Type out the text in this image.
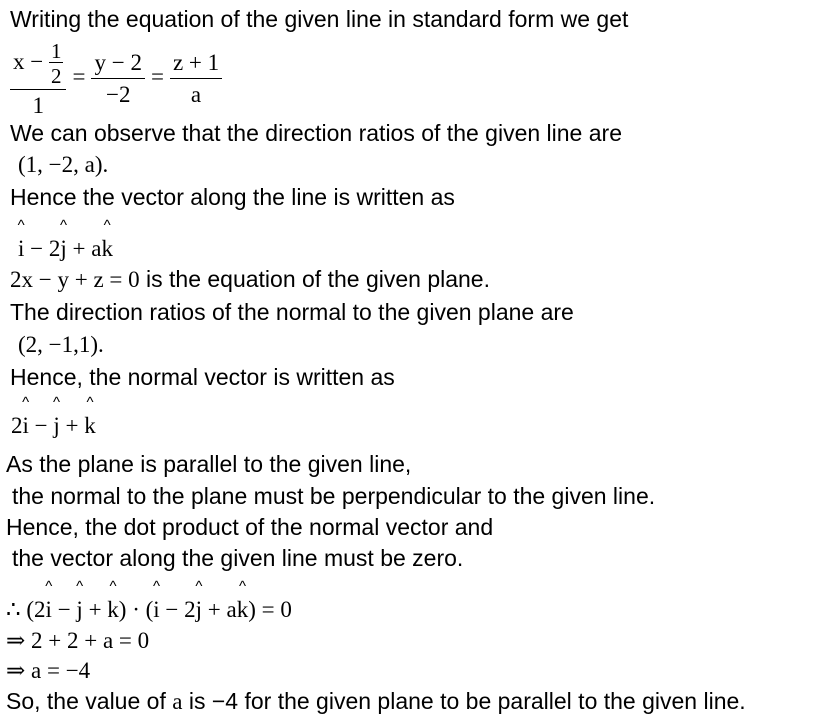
Writing the equation of the given line in standard form we get
$\frac{x - \frac{1}{2}}{1} = \frac{y - 2}{-2} = \frac{z + 1}{a}$
We can observe that the direction ratios of the given line are
(1, −2, a).
Hence the vector along the line is written as
^ i − 2^ j + a^ k
2x − y + z = 0 is the equation of the given plane.
The direction ratios of the normal to the given plane are
(2, −1,1).
Hence, the normal vector is written as
2^ i − ^ j + ^ k
As the plane is parallel to the given line,
the normal to the plane must be perpendicular to the given line.
Hence, the dot product of the normal vector and
the vector along the given line must be zero.
∴ (2^ i − ^ j + ^ k) · (^ i − 2^ j + a^ k) = 0
⇒ 2 + 2 + a = 0
⇒ a = −4
So, the value of a is −4 for the given plane to be parallel to the given line.
